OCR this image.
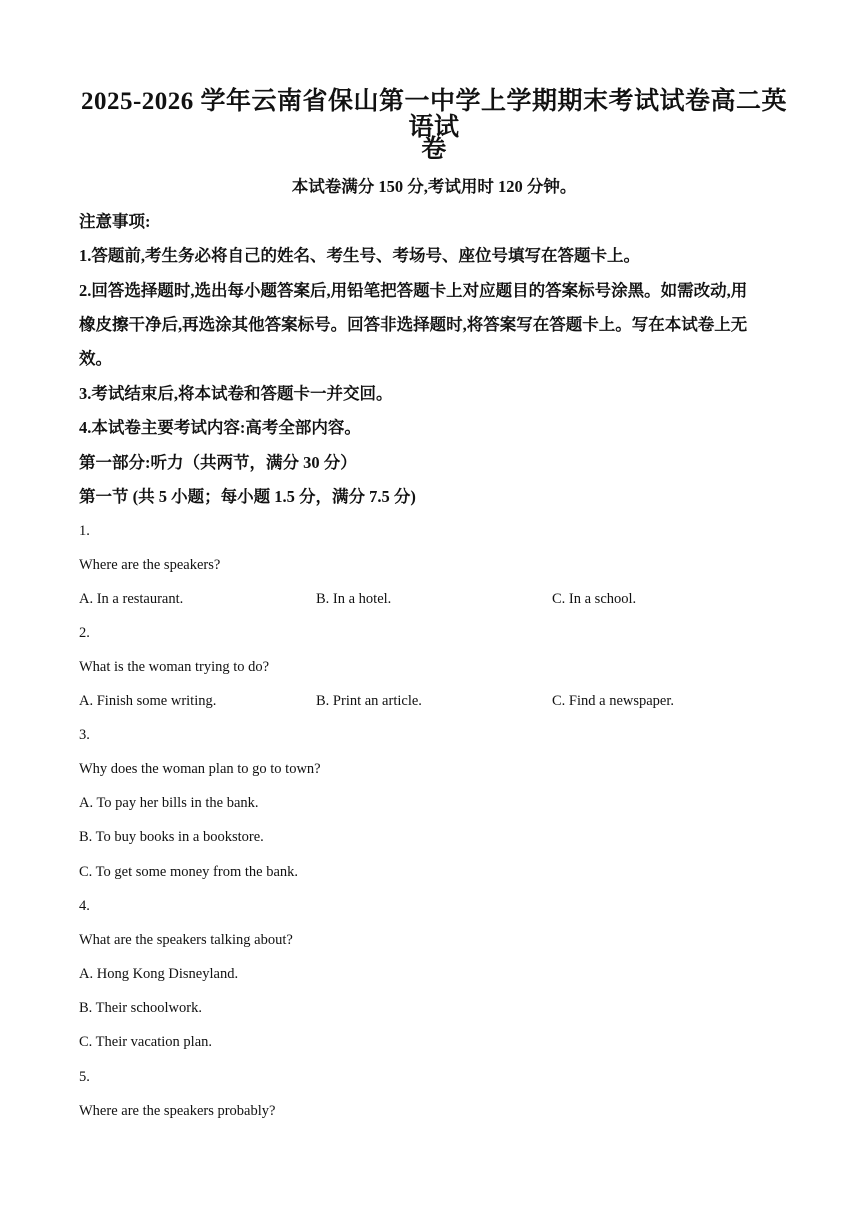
2025-2026 学年云南省保山第一中学上学期期末考试试卷高二英语试
卷
本试卷满分 150 分,考试用时 120 分钟。
注意事项:
1.答题前,考生务必将自己的姓名、考生号、考场号、座位号填写在答题卡上。
2.回答选择题时,选出每小题答案后,用铅笔把答题卡上对应题目的答案标号涂黑。如需改动,用
橡皮擦干净后,再选涂其他答案标号。回答非选择题时,将答案写在答题卡上。写在本试卷上无
效。
3.考试结束后,将本试卷和答题卡一并交回。
4.本试卷主要考试内容:高考全部内容。
第一部分:听力（共两节，满分 30 分）
第一节 (共 5 小题；每小题 1.5 分，满分 7.5 分)
1.
Where are the speakers?
A. In a restaurant.	B. In a hotel.	C. In a school.
2.
What is the woman trying to do?
A. Finish some writing.	B. Print an article.	C. Find a newspaper.
3.
Why does the woman plan to go to town?
A. To pay her bills in the bank.
B. To buy books in a bookstore.
C. To get some money from the bank.
4.
What are the speakers talking about?
A. Hong Kong Disneyland.
B. Their schoolwork.
C. Their vacation plan.
5.
Where are the speakers probably?
